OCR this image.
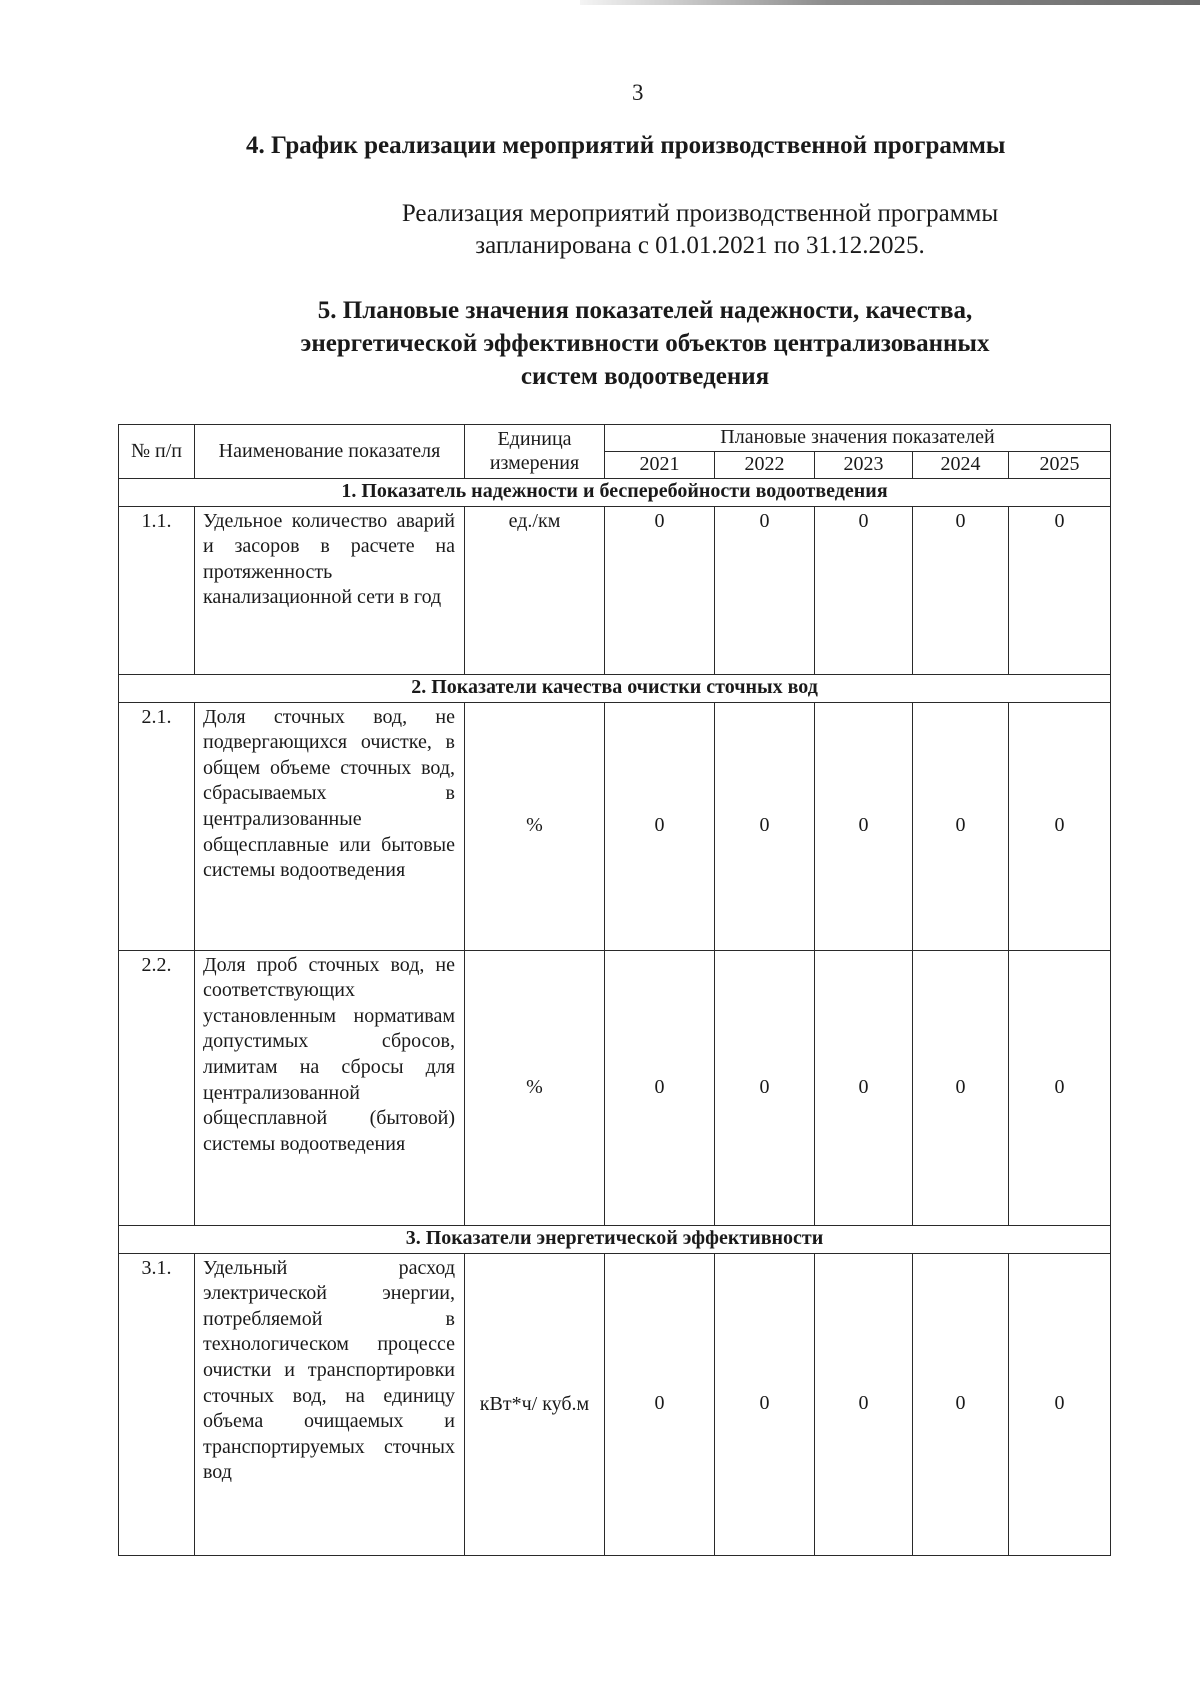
3
4. График реализации мероприятий производственной программы
Реализация мероприятий производственной программы
запланирована с 01.01.2021 по 31.12.2025.
5. Плановые значения показателей надежности, качества,
энергетической эффективности объектов централизованных
систем водоотведения
№ п/п	Наименование показателя	Единица измерения	Плановые значения показателей				
			2021	2022	2023	2024	2025
1. Показатель надежности и бесперебойности водоотведения							
1.1.	Удельное количество аварий и засоров в расчете на протяженность канализационной сети в год	ед./км	0	0	0	0	0
2. Показатели качества очистки сточных вод							
2.1.	Доля сточных вод, не подвергающихся очистке, в общем объеме сточных вод, сбрасываемых в централизованные общесплавные или бытовые системы водоотведения	%	0	0	0	0	0
2.2.	Доля проб сточных вод, не соответствующих установленным нормативам допустимых сбросов, лимитам на сбросы для централизованной общесплавной (бытовой) системы водоотведения	%	0	0	0	0	0
3. Показатели энергетической эффективности							
3.1.	Удельный расход электрической энергии, потребляемой в технологическом процессе очистки и транспортировки сточных вод, на единицу объема очищаемых и транспортируемых сточных вод	кВт*ч/ куб.м	0	0	0	0	0
